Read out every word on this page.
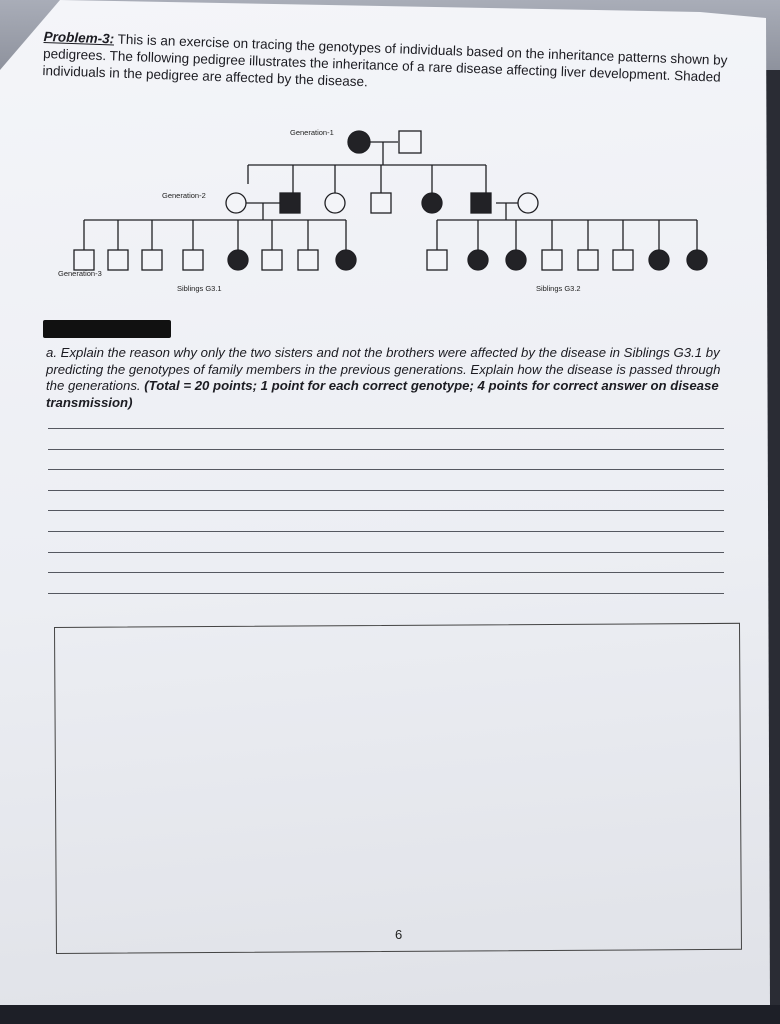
Problem-3: This is an exercise on tracing the genotypes of individuals based on the inheritance patterns shown by pedigrees. The following pedigree illustrates the inheritance of a rare disease affecting liver development. Shaded individuals in the pedigree are affected by the disease.
Generation-1
Generation-2
Generation-3
Siblings G3.1	Siblings G3.2
a. Explain the reason why only the two sisters and not the brothers were affected by the disease in Siblings G3.1 by predicting the genotypes of family members in the previous generations. Explain how the disease is passed through the generations. (Total = 20 points; 1 point for each correct genotype; 4 points for correct answer on disease transmission)
6
